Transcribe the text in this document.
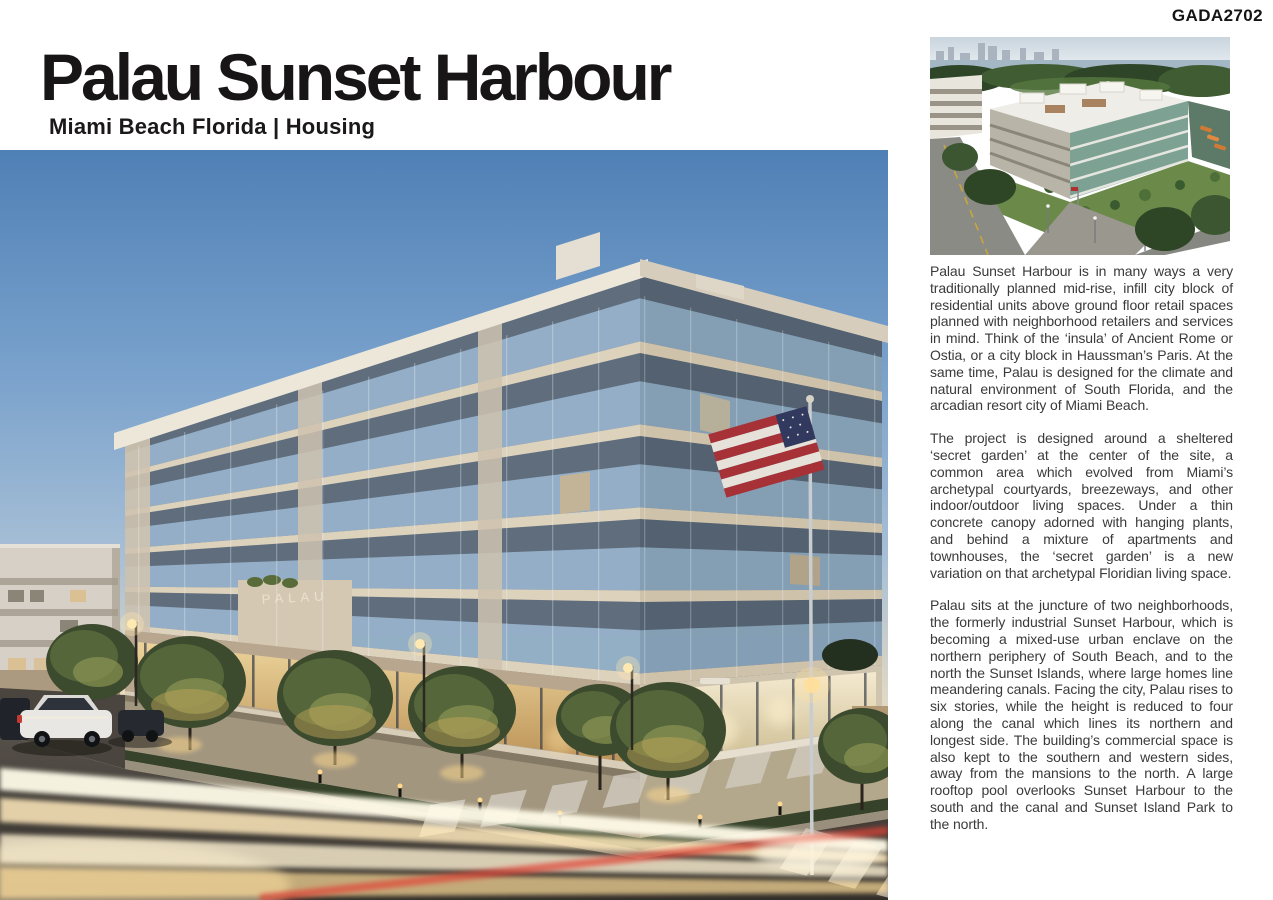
GADA2702
Palau Sunset Harbour
Miami Beach Florida | Housing

Palau Sunset Harbour is in many ways a very traditionally planned mid-rise, infill city block of residential units above ground floor retail spaces planned with neighborhood retailers and services in mind. Think of the ‘insula’ of Ancient Rome or Ostia, or a city block in Haussman’s Paris. At the same time, Palau is designed for the climate and natural environment of South Florida, and the arcadian resort city of Miami Beach.

The project is designed around a sheltered ‘secret garden’ at the center of the site, a common area which evolved from Miami’s archetypal courtyards, breezeways, and other indoor/outdoor living spaces. Under a thin concrete canopy adorned with hanging plants, and behind a mixture of apartments and townhouses, the ‘secret garden’ is a new variation on that archetypal Floridian living space.

Palau sits at the juncture of two neighborhoods, the formerly industrial Sunset Harbour, which is becoming a mixed-use urban enclave on the northern periphery of South Beach, and to the north the Sunset Islands, where large homes line meandering canals. Facing the city, Palau rises to six stories, while the height is reduced to four along the canal which lines its northern and longest side. The building’s commercial space is also kept to the southern and western sides, away from the mansions to the north. A large rooftop pool overlooks Sunset Harbour to the south and the canal and Sunset Island Park to the north.
